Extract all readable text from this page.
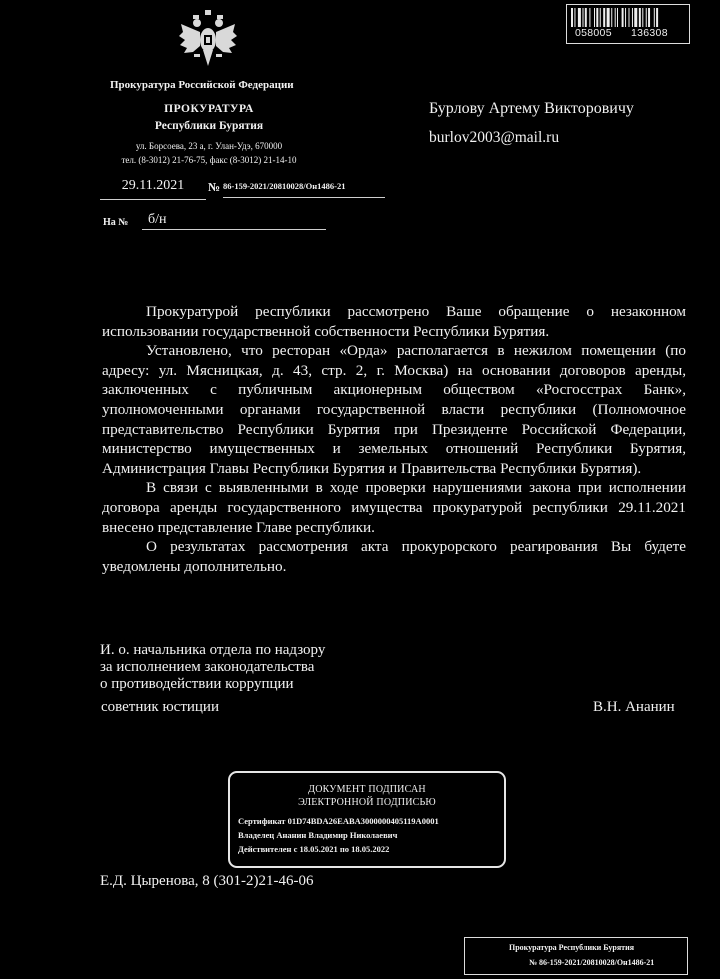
058005 136308
Прокуратура Российской Федерации
ПРОКУРАТУРА
Республики Бурятия
ул. Борсоева, 23 а, г. Улан-Удэ, 670000
тел. (8-3012) 21-76-75, факс (8-3012) 21-14-10
29.11.2021	№ 86-159-2021/20810028/Он1486-21
На №	б/н
Бурлову Артему Викторовичу
burlov2003@mail.ru

Прокуратурой республики рассмотрено Ваше обращение о незаконном использовании государственной собственности Республики Бурятия.

Установлено, что ресторан «Орда» располагается в нежилом помещении (по адресу: ул. Мясницкая, д. 43, стр. 2, г. Москва) на основании договоров аренды, заключенных с публичным акционерным обществом «Росгосстрах Банк», уполномоченными органами государственной власти республики (Полномочное представительство Республики Бурятия при Президенте Российской Федерации, министерство имущественных и земельных отношений Республики Бурятия, Администрация Главы Республики Бурятия и Правительства Республики Бурятия).

В связи с выявленными в ходе проверки нарушениями закона при исполнении договора аренды государственного имущества прокуратурой республики 29.11.2021 внесено представление Главе республики.

О результатах рассмотрения акта прокурорского реагирования Вы будете уведомлены дополнительно.

И. о. начальника отдела по надзору
за исполнением законодательства
о противодействии коррупции
советник юстиции	В.Н. Ананин
ДОКУМЕНТ ПОДПИСАН
ЭЛЕКТРОННОЙ ПОДПИСЬЮ
Сертификат 01D74BDA26EABA3000000405119A0001
Владелец Ананин Владимир Николаевич
Действителен с 18.05.2021 по 18.05.2022
Е.Д. Цыренова, 8 (301-2)21-46-06
Прокуратура Республики Бурятия
№ 86-159-2021/20810028/Он1486-21
